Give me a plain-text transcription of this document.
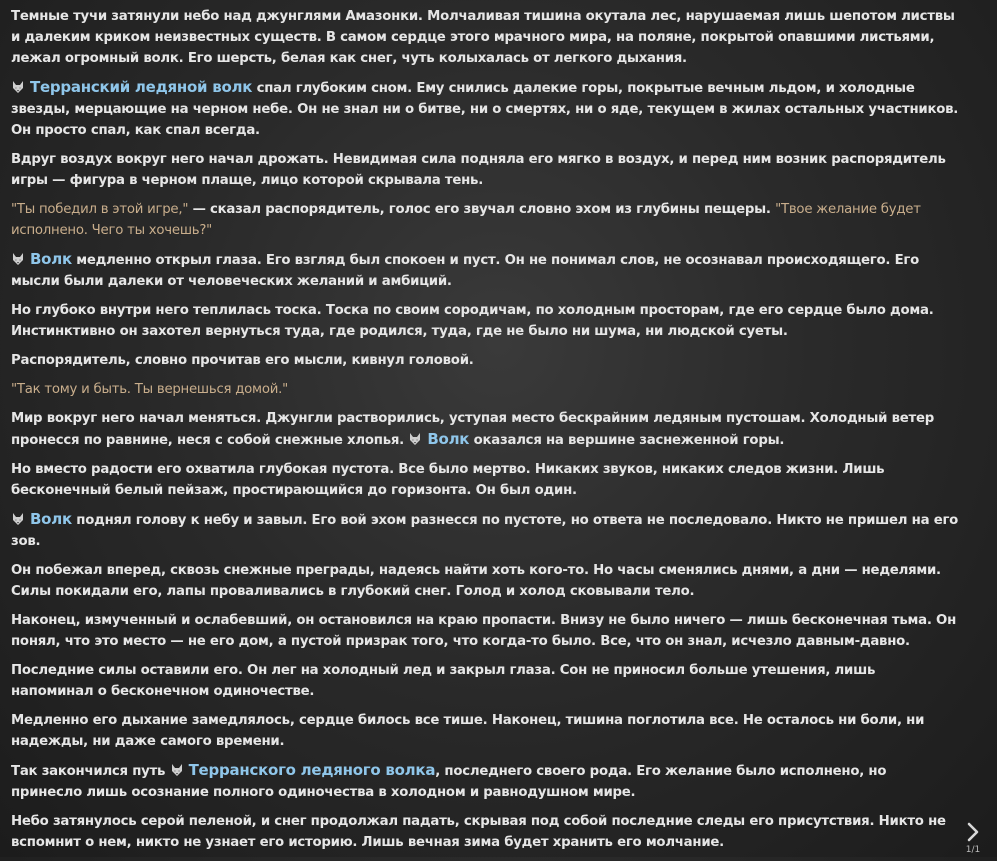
Темные тучи затянули небо над джунглями Амазонки. Молчаливая тишина окутала лес, нарушаемая лишь шепотом листвы и далеким криком неизвестных существ. В самом сердце этого мрачного мира, на поляне, покрытой опавшими листьями, лежал огромный волк. Его шерсть, белая как снег, чуть колыхалась от легкого дыхания.

Терранский ледяной волк спал глубоким сном. Ему снились далекие горы, покрытые вечным льдом, и холодные звезды, мерцающие на черном небе. Он не знал ни о битве, ни о смертях, ни о яде, текущем в жилах остальных участников. Он просто спал, как спал всегда.

Вдруг воздух вокруг него начал дрожать. Невидимая сила подняла его мягко в воздух, и перед ним возник распорядитель игры — фигура в черном плаще, лицо которой скрывала тень.

"Ты победил в этой игре," — сказал распорядитель, голос его звучал словно эхом из глубины пещеры. "Твое желание будет исполнено. Чего ты хочешь?"

Волк медленно открыл глаза. Его взгляд был спокоен и пуст. Он не понимал слов, не осознавал происходящего. Его мысли были далеки от человеческих желаний и амбиций.

Но глубоко внутри него теплилась тоска. Тоска по своим сородичам, по холодным просторам, где его сердце было дома. Инстинктивно он захотел вернуться туда, где родился, туда, где не было ни шума, ни людской суеты.

Распорядитель, словно прочитав его мысли, кивнул головой.

"Так тому и быть. Ты вернешься домой."

Мир вокруг него начал меняться. Джунгли растворились, уступая место бескрайним ледяным пустошам. Холодный ветер пронесся по равнине, неся с собой снежные хлопья. Волк оказался на вершине заснеженной горы.

Но вместо радости его охватила глубокая пустота. Все было мертво. Никаких звуков, никаких следов жизни. Лишь бесконечный белый пейзаж, простирающийся до горизонта. Он был один.

Волк поднял голову к небу и завыл. Его вой эхом разнесся по пустоте, но ответа не последовало. Никто не пришел на его зов.

Он побежал вперед, сквозь снежные преграды, надеясь найти хоть кого-то. Но часы сменялись днями, а дни — неделями. Силы покидали его, лапы проваливались в глубокий снег. Голод и холод сковывали тело.

Наконец, измученный и ослабевший, он остановился на краю пропасти. Внизу не было ничего — лишь бесконечная тьма. Он понял, что это место — не его дом, а пустой призрак того, что когда-то было. Все, что он знал, исчезло давным-давно.

Последние силы оставили его. Он лег на холодный лед и закрыл глаза. Сон не приносил больше утешения, лишь напоминал о бесконечном одиночестве.

Медленно его дыхание замедлялось, сердце билось все тише. Наконец, тишина поглотила все. Не осталось ни боли, ни надежды, ни даже самого времени.

Так закончился путь Терранского ледяного волка, последнего своего рода. Его желание было исполнено, но принесло лишь осознание полного одиночества в холодном и равнодушном мире.

Небо затянулось серой пеленой, и снег продолжал падать, скрывая под собой последние следы его присутствия. Никто не вспомнит о нем, никто не узнает его историю. Лишь вечная зима будет хранить его молчание.	1/1
